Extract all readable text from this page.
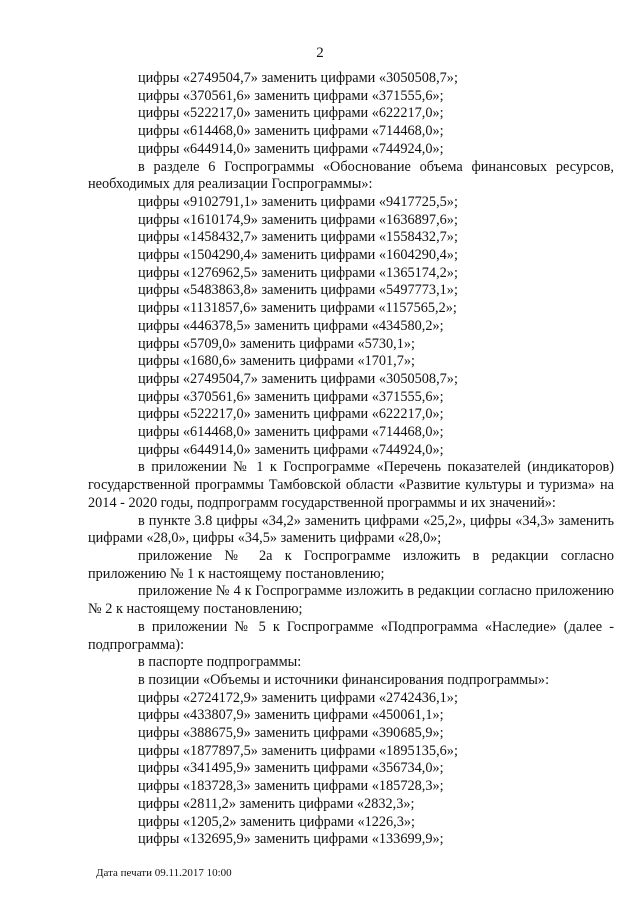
2
цифры «2749504,7» заменить цифрами «3050508,7»;
цифры «370561,6» заменить цифрами «371555,6»;
цифры «522217,0» заменить цифрами «622217,0»;
цифры «614468,0» заменить цифрами «714468,0»;
цифры «644914,0» заменить цифрами «744924,0»;

в разделе 6 Госпрограммы «Обоснование объема финансовых ресурсов, необходимых для реализации Госпрограммы»:

цифры «9102791,1» заменить цифрами «9417725,5»;
цифры «1610174,9» заменить цифрами «1636897,6»;
цифры «1458432,7» заменить цифрами «1558432,7»;
цифры «1504290,4» заменить цифрами «1604290,4»;
цифры «1276962,5» заменить цифрами «1365174,2»;
цифры «5483863,8» заменить цифрами «5497773,1»;
цифры «1131857,6» заменить цифрами «1157565,2»;
цифры «446378,5» заменить цифрами «434580,2»;
цифры «5709,0» заменить цифрами «5730,1»;
цифры «1680,6» заменить цифрами «1701,7»;
цифры «2749504,7» заменить цифрами «3050508,7»;
цифры «370561,6» заменить цифрами «371555,6»;
цифры «522217,0» заменить цифрами «622217,0»;
цифры «614468,0» заменить цифрами «714468,0»;
цифры «644914,0» заменить цифрами «744924,0»;

в приложении № 1 к Госпрограмме «Перечень показателей (индикаторов) государственной программы Тамбовской области «Развитие культуры и туризма» на 2014 - 2020 годы, подпрограмм государственной программы и их значений»:

в пункте 3.8 цифры «34,2» заменить цифрами «25,2», цифры «34,3» заменить цифрами «28,0», цифры «34,5» заменить цифрами «28,0»;

приложение № 2а к Госпрограмме изложить в редакции согласно приложению № 1 к настоящему постановлению;

приложение № 4 к Госпрограмме изложить в редакции согласно приложению № 2 к настоящему постановлению;

в приложении № 5 к Госпрограмме «Подпрограмма «Наследие» (далее - подпрограмма):

в паспорте подпрограммы:
в позиции «Объемы и источники финансирования подпрограммы»:
цифры «2724172,9» заменить цифрами «2742436,1»;
цифры «433807,9» заменить цифрами «450061,1»;
цифры «388675,9» заменить цифрами «390685,9»;
цифры «1877897,5» заменить цифрами «1895135,6»;
цифры «341495,9» заменить цифрами «356734,0»;
цифры «183728,3» заменить цифрами «185728,3»;
цифры «2811,2» заменить цифрами «2832,3»;
цифры «1205,2» заменить цифрами «1226,3»;
цифры «132695,9» заменить цифрами «133699,9»;
Дата печати 09.11.2017 10:00
